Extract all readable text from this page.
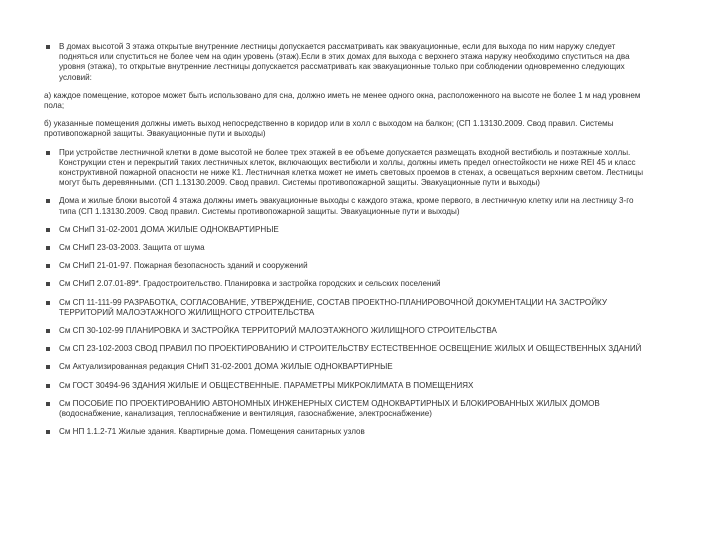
В домах высотой 3 этажа открытые внутренние лестницы допускается рассматривать как эвакуационные, если для выхода по ним наружу следует подняться или спуститься не более чем на один уровень (этаж).Если в этих домах для выхода с верхнего этажа наружу необходимо спуститься на два уровня (этажа), то открытые внутренние лестницы допускается рассматривать как эвакуационные только при соблюдении одновременно следующих условий:
а) каждое помещение, которое может быть использовано для сна, должно иметь не менее одного окна, расположенного на высоте не более 1 м над уровнем пола;
б) указанные помещения должны иметь выход непосредственно в коридор или в холл с выходом на балкон; (СП 1.13130.2009. Свод правил. Системы противопожарной защиты. Эвакуационные пути и выходы)
При устройстве лестничной клетки в доме высотой не более трех этажей в ее объеме допускается размещать входной вестибюль и поэтажные холлы. Конструкции стен и перекрытий таких лестничных клеток, включающих вестибюли и холлы, должны иметь предел огнестойкости не ниже REI 45 и класс конструктивной пожарной опасности не ниже К1. Лестничная клетка может не иметь световых проемов в стенах, а освещаться верхним светом. Лестницы могут быть деревянными. (СП 1.13130.2009. Свод правил. Системы противопожарной защиты. Эвакуационные пути и выходы)
Дома и жилые блоки высотой 4 этажа должны иметь эвакуационные выходы с каждого этажа, кроме первого, в лестничную клетку или на лестницу 3-го типа (СП 1.13130.2009. Свод правил. Системы противопожарной защиты. Эвакуационные пути и выходы)
См СНиП 31-02-2001 ДОМА ЖИЛЫЕ ОДНОКВАРТИРНЫЕ
См СНиП 23-03-2003. Защита от шума
См СНиП 21-01-97. Пожарная безопасность зданий и сооружений
См СНиП 2.07.01-89*. Градостроительство. Планировка и застройка городских и сельских поселений
См СП 11-111-99 РАЗРАБОТКА, СОГЛАСОВАНИЕ, УТВЕРЖДЕНИЕ, СОСТАВ ПРОЕКТНО-ПЛАНИРОВОЧНОЙ ДОКУМЕНТАЦИИ НА ЗАСТРОЙКУ ТЕРРИТОРИЙ МАЛОЭТАЖНОГО ЖИЛИЩНОГО СТРОИТЕЛЬСТВА
См СП 30-102-99 ПЛАНИРОВКА И ЗАСТРОЙКА ТЕРРИТОРИЙ МАЛОЭТАЖНОГО ЖИЛИЩНОГО СТРОИТЕЛЬСТВА
См СП 23-102-2003 СВОД ПРАВИЛ ПО ПРОЕКТИРОВАНИЮ И СТРОИТЕЛЬСТВУ ЕСТЕСТВЕННОЕ ОСВЕЩЕНИЕ ЖИЛЫХ И ОБЩЕСТВЕННЫХ ЗДАНИЙ
См Актуализированная редакция СНиП 31-02-2001 ДОМА ЖИЛЫЕ ОДНОКВАРТИРНЫЕ
См ГОСТ 30494-96 ЗДАНИЯ ЖИЛЫЕ И ОБЩЕСТВЕННЫЕ. ПАРАМЕТРЫ МИКРОКЛИМАТА В ПОМЕЩЕНИЯХ
См ПОСОБИЕ ПО ПРОЕКТИРОВАНИЮ АВТОНОМНЫХ ИНЖЕНЕРНЫХ СИСТЕМ ОДНОКВАРТИРНЫХ И БЛОКИРОВАННЫХ ЖИЛЫХ ДОМОВ (водоснабжение, канализация, теплоснабжение и вентиляция, газоснабжение, электроснабжение)
См НП 1.1.2-71 Жилые здания. Квартирные дома. Помещения санитарных узлов
